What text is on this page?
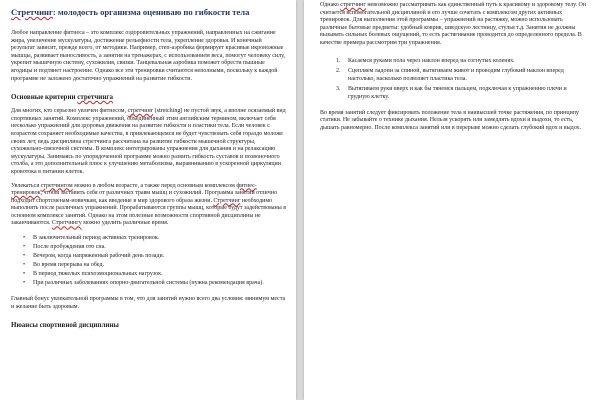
Стретчинг: молодость организма оцениваю по гибкости тела

Любое направление фитнеса – это комплекс оздоровительных упражнений, направленных на сжигание жира, увеличение мускулатуры, достижение рельефности тела, укрепление здоровья. И конечный результат зависит, прежде всего, от методики. Например, степ-аэробика формирует красивые икроножные мышцы, развивает выносливость, а занятия на тренажерах, с использованием веса, помогут человеку силу, укрепит мышечную систему, сухожилия, связки. Танцевальная аэробика поможет обрести пышные ягодицы и подтянет настроение. Однако все эти тренировки считаются неполными, поскольку к каждой программе не заложено достаточно упражнений на развитие гибкости.

Основные критерии стретчинга

Для многих, кто серьезно увлечен фитнесом, стретчинг (stretching) не пустой звук, а вполне осязаемый вид спортивных занятий. Комплекс упражнений, объединенный этим английским термином, включает себя несколько упражнений для здоровья движения на развитие гибкости и пластики тела. Если человек с возрастом сохраняет необходимые качества, в привлекающемся не будет чувствовать себя гораздо моложе своих лет, ведь дисциплина стретчинга рассчитана на развитие гибкости мышечной структуры, сухожильно-связочной системы. В комплекс интегрированы упражнения для дыхания и на релаксацию мускулатуры. Занимаясь по упорядоченной программе можно развить гибкость суставов и позвоночного столба, а это дополнительный плюс к улучшению метаболизма, выравниванию в ускоренной циркуляции кровотока в питании клеток.

Увлекаться стретчингом можно в любом возрасте, а также перед основным комплексом фитнес-тренировок, чтобы заставить себя от различных травм мышц и сухожилий. Программа занятий отлично подходит спортсменам-новичкам, как введение в мир здорового образа жизни. Стретчинг необходимо выполнять после различных упражнений. Прорабатываются группы мышц, которые будут задействованы в основном комплексе занятий. Однако на этом полезные возможности спортивной дисциплины не заканчиваются. Стретчингу можно уделить различные время.

• В заключительный период активных тренировок.
• После пробуждения ото сна.
• Вечером, когда напряженный рабочий день позади.
• Во время перерыва на обед.
• В период тяжелых психоэмоциональных нагрузок.
• При различных заболеваниях опорно-двигательной системы (нужна рекомендация врача).

Главный бонус увлекательной программы в том, что для занятий нужно всего два условия: минимум места и желание быть здоровым.

Нюансы спортивной дисциплины

Однако стретчинг невозможно рассматривать как единственный путь к красивому и здоровому телу. Он считается вспомогательной дисциплиной и его лучше сочетать с комплексом других активных тренировок. Для выполнения этой программы – упражнений на растяжку, можно использовать различные бытовые предметы: удобный коврик, шведскую лестницу, стулья т.д. Занятия не должны вызывать сильных болевых ощущений, то есть растягивание проводится до определенного предела. В качестве примера рассмотрим три упражнения.

1. Касаемся руками пола через наклон вперед на согнутых коленях.
2. Сцепляем ладони за спиной, вытягиваем живот и проводим глубокий наклон вперед настолько, насколько позволяет пластика тела.
3. Вытягиваем руки вверх и как бы тянемся пальцем, подключая к упражнению плечи и грудную клетку.

Во время занятий следует фиксировать положение тела в наивысшей точке растяжения, по принципу статики. Не забывайте о технике дыхания. Нельзя ускорять или замедлять вдохи и выдохи, то есть, дышать равномерно. После комплекса занятий или в перерыве можно сделать глубокий вдох и выдох.
